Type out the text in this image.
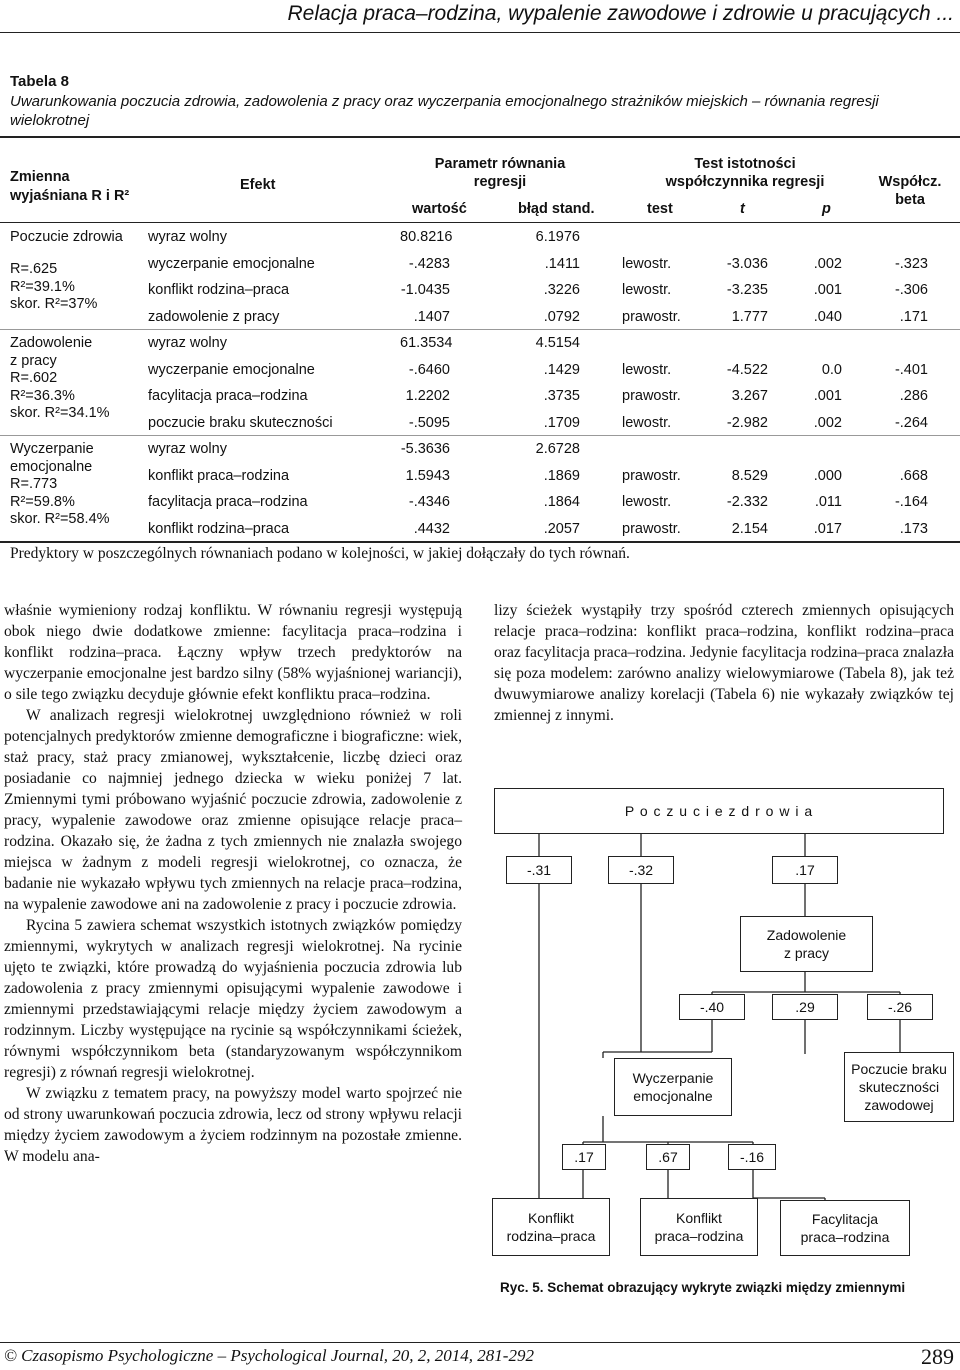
Relacja praca–rodzina, wypalenie zawodowe i zdrowie u pracujących ...
Tabela 8
Uwarunkowania poczucia zdrowia, zadowolenia z pracy oraz wyczerpania emocjonalnego strażników miejskich – równania regresji wielokrotnej
Zmienna
wyjaśniana R i R²
Efekt
Parametr równania
regresji
Test istotności
współczynnika regresji	Współcz.
beta
wartość	błąd stand.	test	t	p
Poczucie zdrowia
R=.625
R²=39.1%
skor. R²=37%
wyraz wolny	80.8216	6.1976
wyczerpanie emocjonalne	-.4283	.1411	lewostr.	-3.036	.002	-.323
konflikt rodzina–praca	-1.0435	.3226	lewostr.	-3.235	.001	-.306
zadowolenie z pracy	.1407	.0792	prawostr.	1.777	.040	.171
Zadowolenie
z pracy
R=.602
R²=36.3%
skor. R²=34.1%
wyraz wolny	61.3534	4.5154
wyczerpanie emocjonalne	-.6460	.1429	lewostr.	-4.522	0.0	-.401
facylitacja praca–rodzina	1.2202	.3735	prawostr.	3.267	.001	.286
poczucie braku skuteczności	-.5095	.1709	lewostr.	-2.982	.002	-.264
Wyczerpanie
emocjonalne
R=.773
R²=59.8%
skor. R²=58.4%
wyraz wolny	-5.3636	2.6728
konflikt praca–rodzina	1.5943	.1869	prawostr.	8.529	.000	.668
facylitacja praca–rodzina	-.4346	.1864	lewostr.	-2.332	.011	-.164
konflikt rodzina–praca	.4432	.2057	prawostr.	2.154	.017	.173
Predyktory w poszczególnych równaniach podano w kolejności, w jakiej dołączały do tych równań.

właśnie wymieniony rodzaj konfliktu. W równaniu regresji występują obok niego dwie dodatkowe zmienne: facylitacja praca–rodzina i konflikt rodzina–praca. Łączny wpływ trzech predyktorów na wyczerpanie emocjonalne jest bardzo silny (58% wyjaśnionej wariancji), o sile tego związku decyduje głównie efekt konfliktu praca–rodzina.

W analizach regresji wielokrotnej uwzględniono również w roli potencjalnych predyktorów zmienne demograficzne i biograficzne: wiek, staż pracy, staż pracy zmianowej, wykształcenie, liczbę dzieci oraz posiadanie co najmniej jednego dziecka w wieku poniżej 7 lat. Zmiennymi tymi próbowano wyjaśnić poczucie zdrowia, zadowolenie z pracy, wypalenie zawodowe oraz zmienne opisujące relacje praca–rodzina. Okazało się, że żadna z tych zmiennych nie znalazła swojego miejsca w żadnym z modeli regresji wielokrotnej, co oznacza, że badanie nie wykazało wpływu tych zmiennych na relacje praca–rodzina, na wypalenie zawodowe ani na zadowolenie z pracy i poczucie zdrowia.

Rycina 5 zawiera schemat wszystkich istotnych związków pomiędzy zmiennymi, wykrytych w analizach regresji wielokrotnej. Na rycinie ujęto te związki, które prowadzą do wyjaśnienia poczucia zdrowia lub zadowolenia z pracy zmiennymi opisującymi wypalenie zawodowe i zmiennymi przedstawiającymi relacje między życiem zawodowym a rodzinnym. Liczby występujące na rycinie są współczynnikami ścieżek, równymi współczynnikom beta (standaryzowanym współczynnikom regresji) z równań regresji wielokrotnej.

W związku z tematem pracy, na powyższy model warto spojrzeć nie od strony uwarunkowań poczucia zdrowia, lecz od strony wpływu relacji między życiem zawodowym a życiem rodzinnym na pozostałe zmienne. W modelu ana-

lizy ścieżek wystąpiły trzy spośród czterech zmiennych opisujących relacje praca–rodzina: konflikt praca–rodzina, konflikt rodzina–praca oraz facylitacja praca–rodzina. Jedynie facylitacja rodzina–praca znalazła się poza modelem: zarówno analizy wielowymiarowe (Tabela 8), jak też dwuwymiarowe analizy korelacji (Tabela 6) nie wykazały związków tej zmiennej z innymi.

P o c z u c i e z d r o w i a
-.31	-.32	.17
Zadowolenie
z pracy
-.40	.29	-.26
Wyczerpanie
emocjonalne
Poczucie braku
skuteczności
zawodowej
.17	.67	-.16
Konflikt
rodzina–praca
Konflikt
praca–rodzina
Facylitacja
praca–rodzina
Ryc. 5. Schemat obrazujący wykryte związki między zmiennymi
© Czasopismo Psychologiczne – Psychological Journal, 20, 2, 2014, 281-292	289
